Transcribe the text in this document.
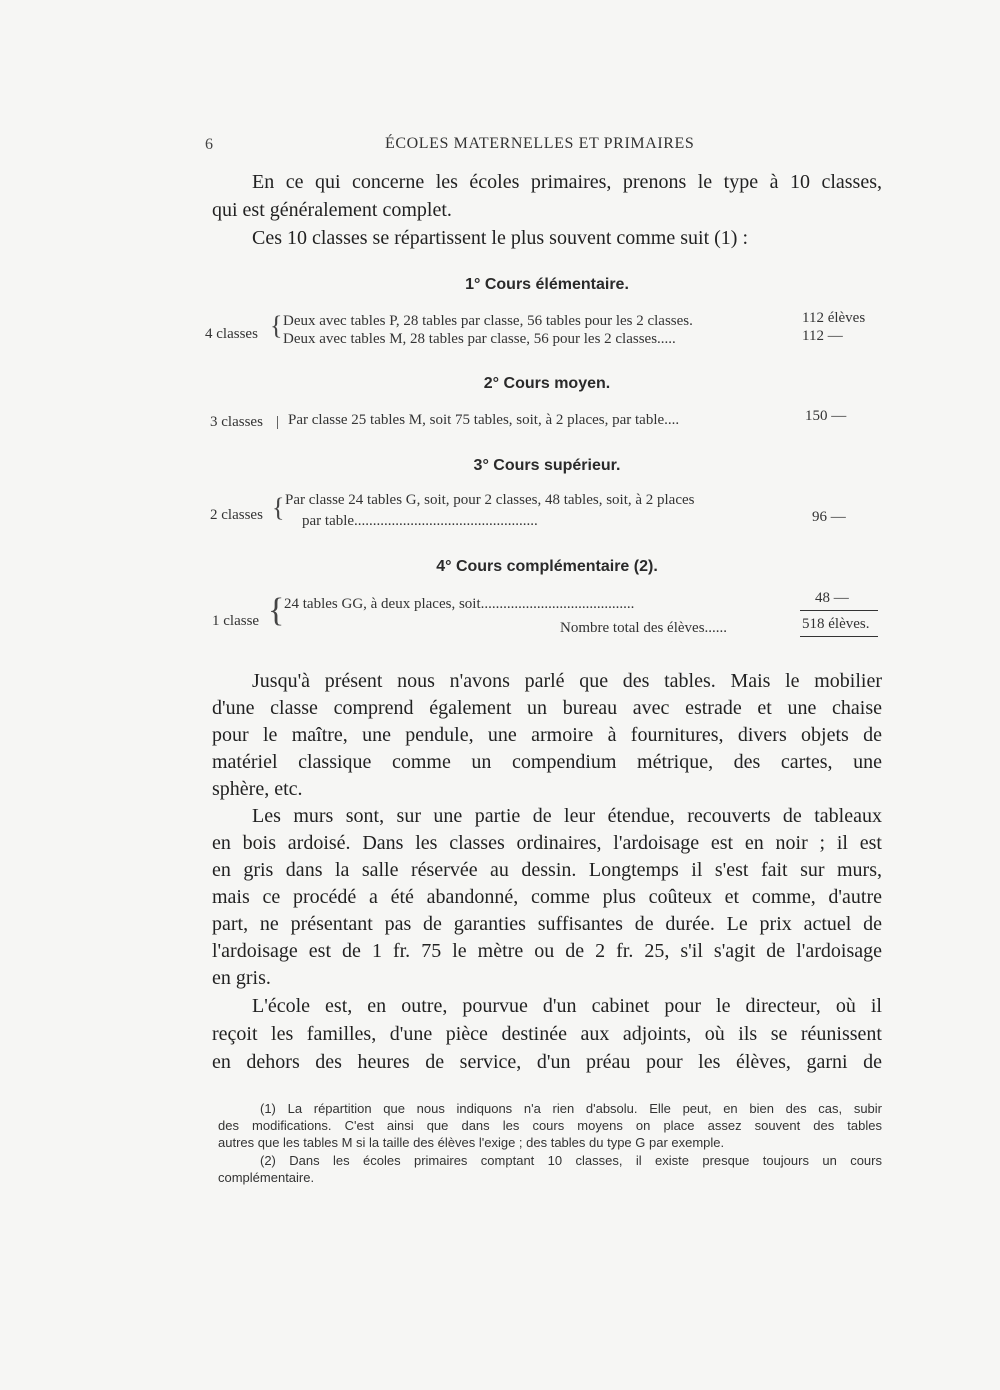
6	ÉCOLES MATERNELLES ET PRIMAIRES
En ce qui concerne les écoles primaires, prenons le type à 10 classes,
qui est généralement complet.
Ces 10 classes se répartissent le plus souvent comme suit (1) :
1° Cours élémentaire.
4 classes { Deux avec tables P, 28 tables par classe, 56 tables pour les 2 classes.	112 élèves
Deux avec tables M, 28 tables par classe, 56 pour les 2 classes.....	112 —
2° Cours moyen.
3 classes | Par classe 25 tables M, soit 75 tables, soit, à 2 places, par table....	150 —
3° Cours supérieur.
2 classes { Par classe 24 tables G, soit, pour 2 classes, 48 tables, soit, à 2 places
par table.................................................	96 —
4° Cours complémentaire (2).
1 classe { 24 tables GG, à deux places, soit.........................................	48 —
Nombre total des élèves......	518 élèves.
Jusqu'à présent nous n'avons parlé que des tables. Mais le mobilier
d'une classe comprend également un bureau avec estrade et une chaise
pour le maître, une pendule, une armoire à fournitures, divers objets de
matériel classique comme un compendium métrique, des cartes, une
sphère, etc.
Les murs sont, sur une partie de leur étendue, recouverts de tableaux
en bois ardoisé. Dans les classes ordinaires, l'ardoisage est en noir ; il est
en gris dans la salle réservée au dessin. Longtemps il s'est fait sur murs,
mais ce procédé a été abandonné, comme plus coûteux et comme, d'autre
part, ne présentant pas de garanties suffisantes de durée. Le prix actuel de
l'ardoisage est de 1 fr. 75 le mètre ou de 2 fr. 25, s'il s'agit de l'ardoisage
en gris.
L'école est, en outre, pourvue d'un cabinet pour le directeur, où il
reçoit les familles, d'une pièce destinée aux adjoints, où ils se réunissent
en dehors des heures de service, d'un préau pour les élèves, garni de
(1) La répartition que nous indiquons n'a rien d'absolu. Elle peut, en bien des cas, subir
des modifications. C'est ainsi que dans les cours moyens on place assez souvent des tables
autres que les tables M si la taille des élèves l'exige ; des tables du type G par exemple.
(2) Dans les écoles primaires comptant 10 classes, il existe presque toujours un cours
complémentaire.
